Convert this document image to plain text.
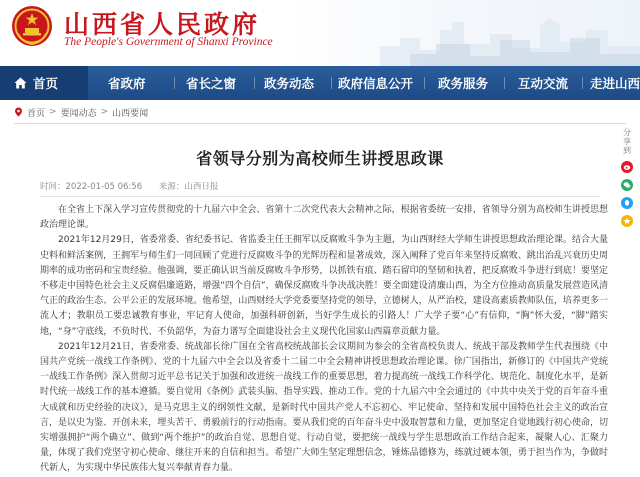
山西省人民政府
The People's Government of Shanxi Province
首页	省政府	省长之窗 政务动态 政府信息公开 政务服务 互动交流 走进山西
首页 > 要闻动态 > 山西要闻
分享到
省领导分别为高校师生讲授思政课
时间：2022-01-05 06:56 来源：山西日报

在全省上下深入学习宣传贯彻党的十九届六中全会、省第十二次党代表大会精神之际，根据省委统一安排，省领导分别为高校师生讲授思想政治理论课。

2021年12月29日，省委常委、省纪委书记、省监委主任王拥军以反腐败斗争为主题，为山西财经大学师生讲授思想政治理论课。结合大量史料和鲜活案例，王拥军与师生们一同回顾了党进行反腐败斗争的光辉历程和显著成效，深入阐释了党百年来坚持反腐败、跳出治乱兴衰历史周期率的成功密码和宝贵经验。他强调，要正确认识当前反腐败斗争形势，以抓铁有痕、踏石留印的坚韧和执着，把反腐败斗争进行到底！要坚定不移走中国特色社会主义反腐倡廉道路，增强“四个自信”，确保反腐败斗争决战决胜！要全面建设清廉山西，为全方位推动高质量发展营造风清气正的政治生态、公平公正的发展环境。他希望，山西财经大学党委要坚持党的领导，立德树人，从严治校，建设高素质教师队伍，培养更多一流人才；教职员工要忠诚教育事业，牢记育人使命，加强科研创新，当好学生成长的引路人！广大学子要“心”有信仰，“胸”怀大爱，“脚”踏实地，“身”守底线，不负时代、不负韶华，为奋力谱写全面建设社会主义现代化国家山西篇章贡献力量。

2021年12月21日，省委常委、统战部长徐广国在全省高校统战部长会议期间为参会的全省高校负责人、统战干部及教师学生代表围绕《中国共产党统一战线工作条例》、党的十九届六中全会以及省委十二届二中全会精神讲授思想政治理论课。徐广国指出，新修订的《中国共产党统一战线工作条例》深入贯彻习近平总书记关于加强和改进统一战线工作的重要思想，着力提高统一战线工作科学化、规范化、制度化水平，是新时代统一战线工作的基本遵循。要自觉用《条例》武装头脑、指导实践、推动工作。党的十九届六中全会通过的《中共中央关于党的百年奋斗重大成就和历史经验的决议》，是马克思主义的纲领性文献，是新时代中国共产党人不忘初心、牢记使命、坚持和发展中国特色社会主义的政治宣言，是以史为鉴、开创未来，埋头苦干、勇毅前行的行动指南。要从我们党的百年奋斗史中汲取智慧和力量，更加坚定自觉地践行初心使命，切实增强拥护“两个确立”、做到“两个维护”的政治自觉、思想自觉、行动自觉，要把统一战线与学生思想政治工作结合起来，凝聚人心、汇聚力量，体现了我们党坚守初心使命、继往开来的自信和担当。希望广大师生坚定理想信念，锤炼品德修为，练就过硬本领，勇于担当作为，争做时代新人，为实现中华民族伟大复兴奉献青春力量。
